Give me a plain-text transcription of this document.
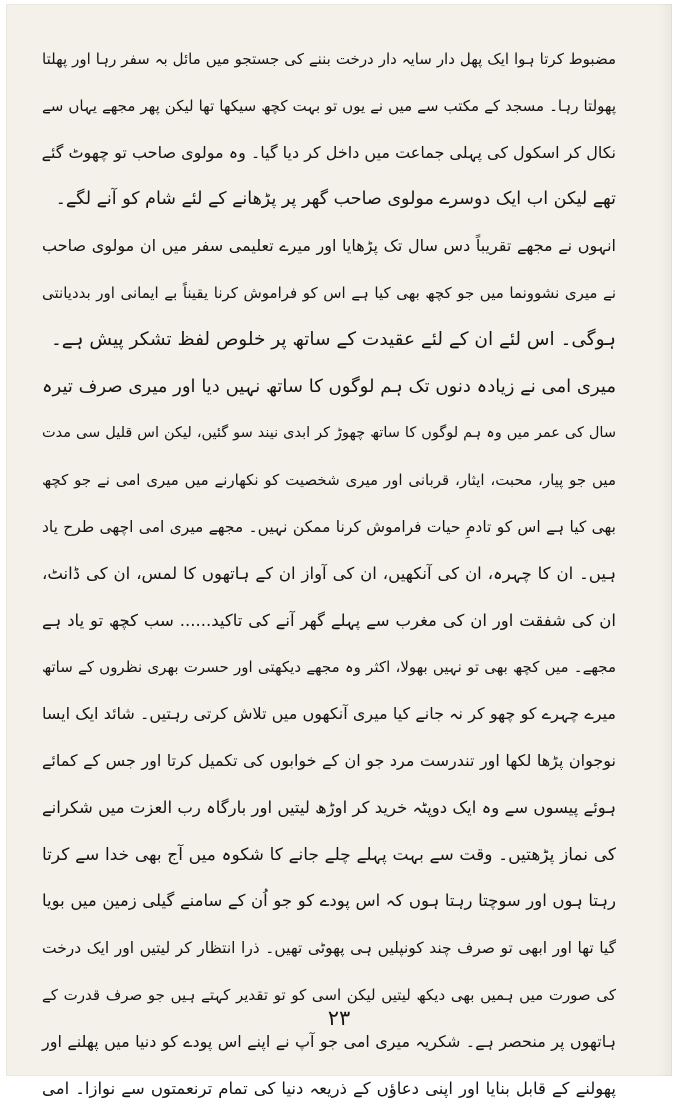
مضبوط کرتا ہوا ایک پھل دار سایہ دار درخت بننے کی جستجو میں مائل بہ سفر رہا اور پھلتا
پھولتا رہا۔ مسجد کے مکتب سے میں نے یوں تو بہت کچھ سیکھا تھا لیکن پھر مجھے یہاں سے
نکال کر اسکول کی پہلی جماعت میں داخل کر دیا گیا۔ وہ مولوی صاحب تو چھوٹ گئے
تھے لیکن اب ایک دوسرے مولوی صاحب گھر پر پڑھانے کے لئے شام کو آنے لگے۔
انہوں نے مجھے تقریباً دس سال تک پڑھایا اور میرے تعلیمی سفر میں ان مولوی صاحب
نے میری نشوونما میں جو کچھ بھی کیا ہے اس کو فراموش کرنا یقیناً بے ایمانی اور بددیانتی
ہوگی۔ اس لئے ان کے لئے عقیدت کے ساتھ پر خلوص لفظ تشکر پیش ہے۔
میری امی نے زیادہ دنوں تک ہم لوگوں کا ساتھ نہیں دیا اور میری صرف تیرہ
سال کی عمر میں وہ ہم لوگوں کا ساتھ چھوڑ کر ابدی نیند سو گئیں، لیکن اس قلیل سی مدت
میں جو پیار، محبت، ایثار، قربانی اور میری شخصیت کو نکھارنے میں میری امی نے جو کچھ
بھی کیا ہے اس کو تادمِ حیات فراموش کرنا ممکن نہیں۔ مجھے میری امی اچھی طرح یاد
ہیں۔ ان کا چہرہ، ان کی آنکھیں، ان کی آواز ان کے ہاتھوں کا لمس، ان کی ڈانٹ،
ان کی شفقت اور ان کی مغرب سے پہلے گھر آنے کی تاکید...... سب کچھ تو یاد ہے
مجھے۔ میں کچھ بھی تو نہیں بھولا، اکثر وہ مجھے دیکھتی اور حسرت بھری نظروں کے ساتھ
میرے چہرے کو چھو کر نہ جانے کیا میری آنکھوں میں تلاش کرتی رہتیں۔ شائد ایک ایسا
نوجوان پڑھا لکھا اور تندرست مرد جو ان کے خوابوں کی تکمیل کرتا اور جس کے کمائے
ہوئے پیسوں سے وہ ایک دوپٹہ خرید کر اوڑھ لیتیں اور بارگاہ رب العزت میں شکرانے
کی نماز پڑھتیں۔ وقت سے بہت پہلے چلے جانے کا شکوہ میں آج بھی خدا سے کرتا
رہتا ہوں اور سوچتا رہتا ہوں کہ اس پودے کو جو اُن کے سامنے گیلی زمین میں بویا
گیا تھا اور ابھی تو صرف چند کونپلیں ہی پھوٹی تھیں۔ ذرا انتظار کر لیتیں اور ایک درخت
کی صورت میں ہمیں بھی دیکھ لیتیں لیکن اسی کو تو تقدیر کہتے ہیں جو صرف قدرت کے
ہاتھوں پر منحصر ہے۔ شکریہ میری امی جو آپ نے اپنے اس پودے کو دنیا میں پھلنے اور
پھولنے کے قابل بنایا اور اپنی دعاؤں کے ذریعہ دنیا کی تمام ترنعمتوں سے نوازا۔ امی
۲۳
